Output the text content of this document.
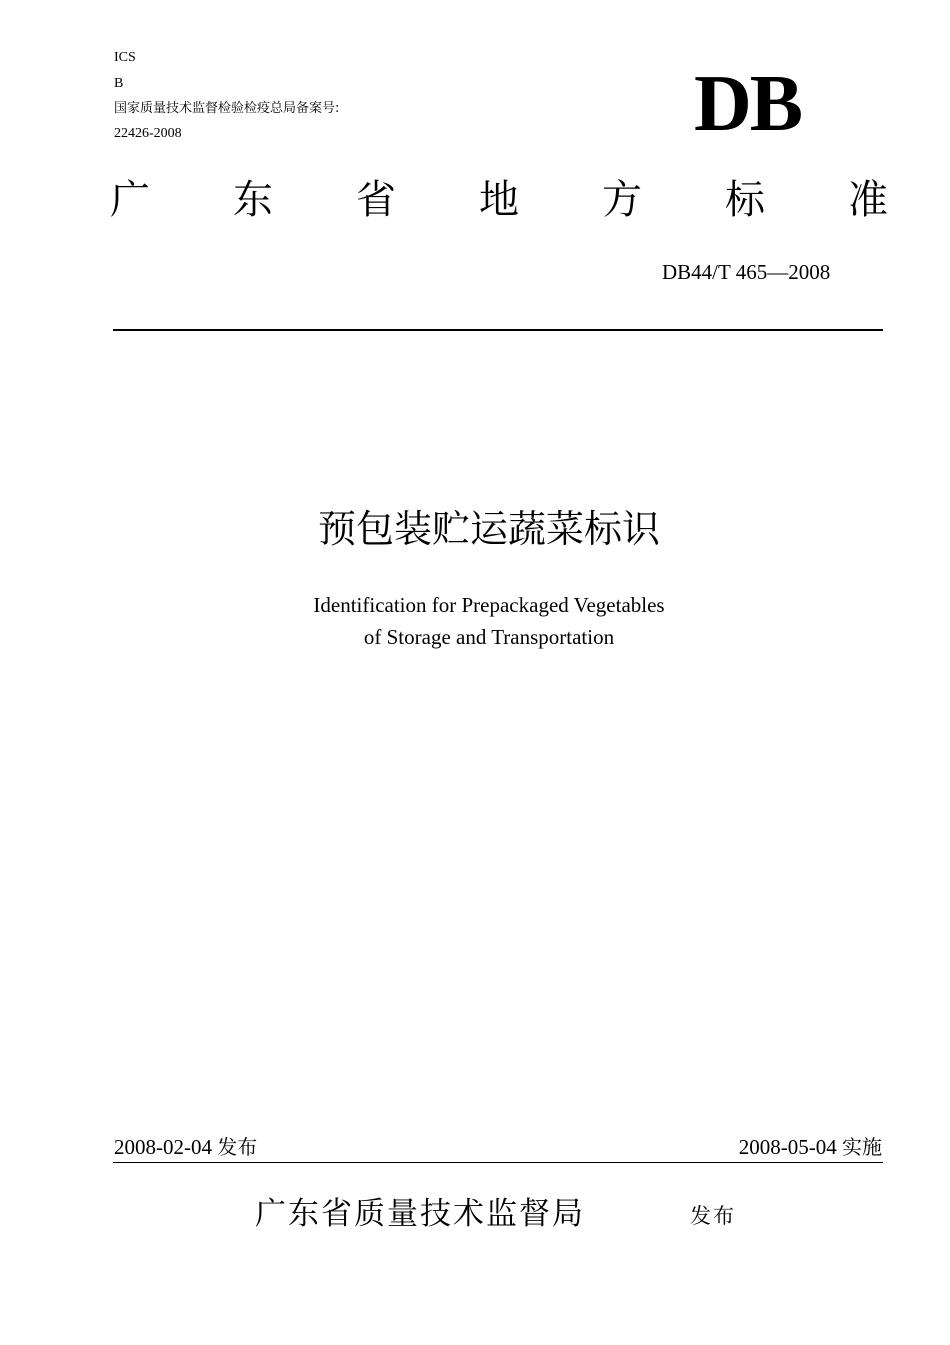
ICS
B
国家质量技术监督检验检疫总局备案号:
22426-2008	DB
广 东 省 地 方 标 准
DB44/T 465—2008
预包装贮运蔬菜标识
Identification for Prepackaged Vegetables
of Storage and Transportation
2008-02-04 发布	2008-05-04 实施
广东省质量技术监督局	发布
